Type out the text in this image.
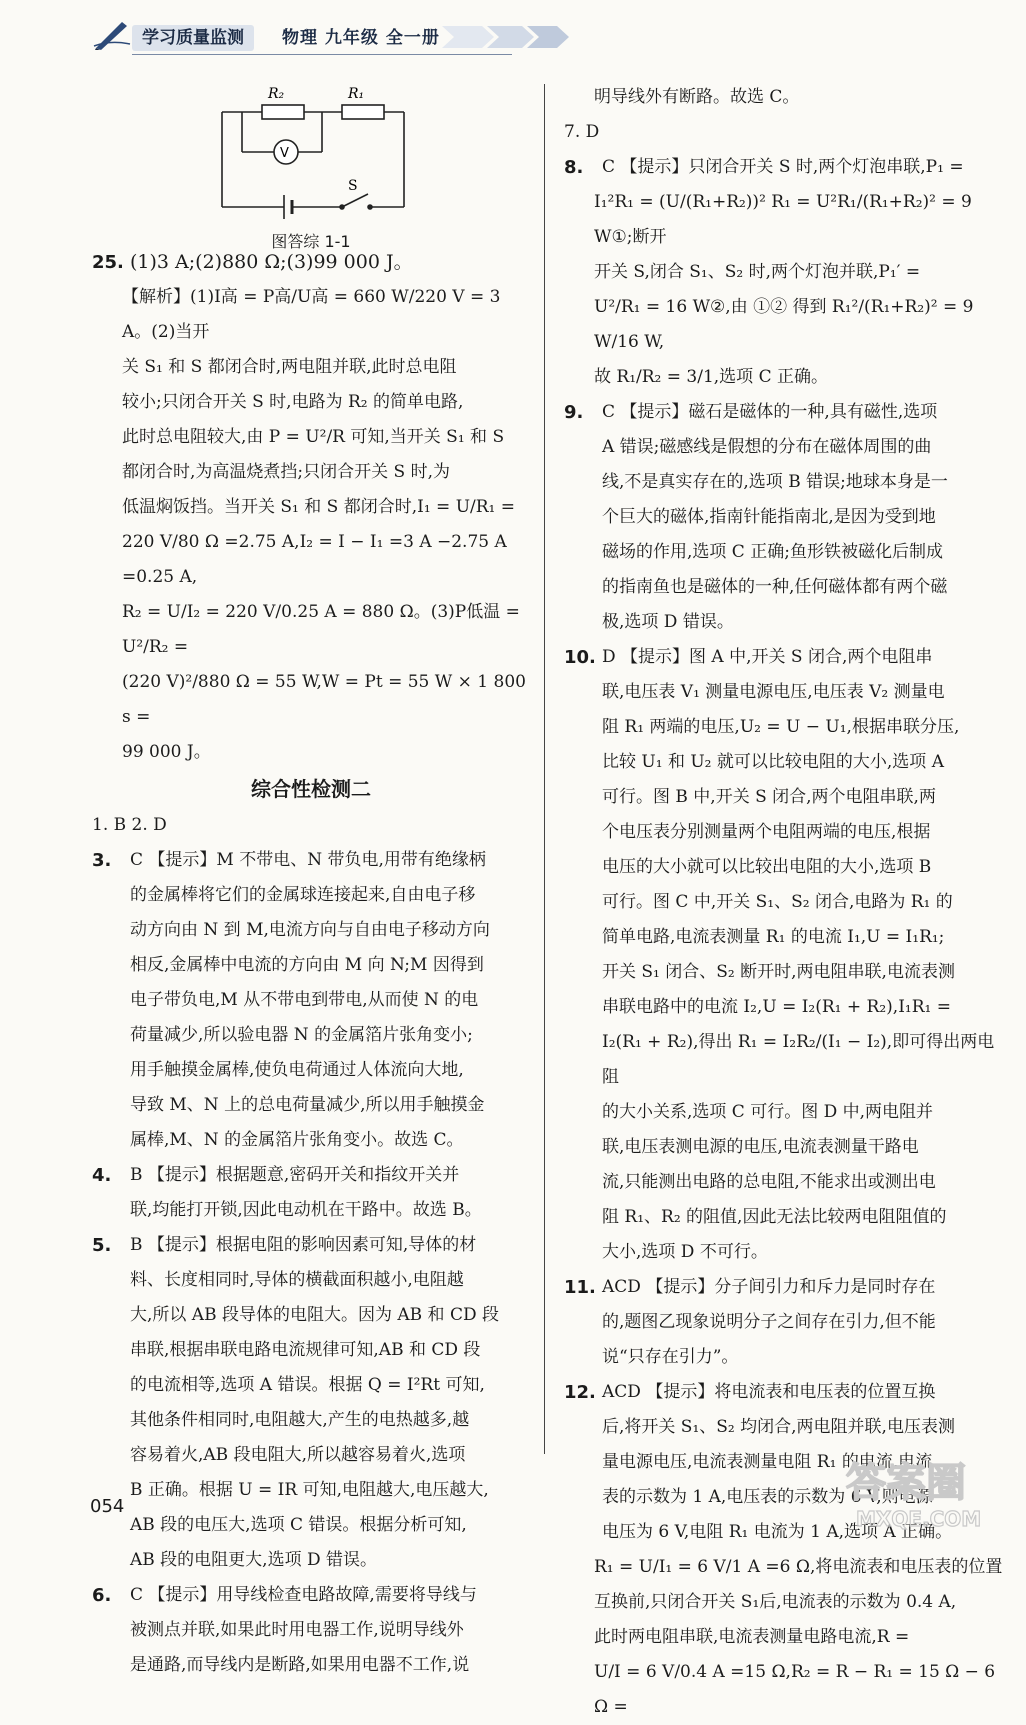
学习质量监测	物理 九年级 全一册
R₂	R₁
V
S
图答综 1-1
25. (1)3 A;(2)880 Ω;(3)99 000 J。

【解析】(1)I高 = P高/U高 = 660 W/220 V = 3 A。(2)当开

关 S₁ 和 S 都闭合时,两电阻并联,此时总电阻

较小;只闭合开关 S 时,电路为 R₂ 的简单电路,

此时总电阻较大,由 P = U²/R 可知,当开关 S₁ 和 S

都闭合时,为高温烧煮挡;只闭合开关 S 时,为

低温焖饭挡。当开关 S₁ 和 S 都闭合时,I₁ = U/R₁ =

220 V/80 Ω =2.75 A,I₂ = I − I₁ =3 A −2.75 A =0.25 A,

R₂ = U/I₂ = 220 V/0.25 A = 880 Ω。(3)P低温 = U²/R₂ =

(220 V)²/880 Ω = 55 W,W = Pt = 55 W × 1 800 s =

99 000 J。

综合性检测二

1. B 2. D

3. C 【提示】M 不带电、N 带负电,用带有绝缘柄

的金属棒将它们的金属球连接起来,自由电子移

动方向由 N 到 M,电流方向与自由电子移动方向

相反,金属棒中电流的方向由 M 向 N;M 因得到

电子带负电,M 从不带电到带电,从而使 N 的电

荷量减少,所以验电器 N 的金属箔片张角变小;

用手触摸金属棒,使负电荷通过人体流向大地,

导致 M、N 上的总电荷量减少,所以用手触摸金

属棒,M、N 的金属箔片张角变小。故选 C。

4. B 【提示】根据题意,密码开关和指纹开关并

联,均能打开锁,因此电动机在干路中。故选 B。

5. B 【提示】根据电阻的影响因素可知,导体的材

料、长度相同时,导体的横截面积越小,电阻越

大,所以 AB 段导体的电阻大。因为 AB 和 CD 段

串联,根据串联电路电流规律可知,AB 和 CD 段

的电流相等,选项 A 错误。根据 Q = I²Rt 可知,

其他条件相同时,电阻越大,产生的电热越多,越

容易着火,AB 段电阻大,所以越容易着火,选项

B 正确。根据 U = IR 可知,电阻越大,电压越大,

AB 段的电压大,选项 C 错误。根据分析可知,

AB 段的电阻更大,选项 D 错误。

6. C 【提示】用导线检查电路故障,需要将导线与

被测点并联,如果此时用电器工作,说明导线外

是通路,而导线内是断路,如果用电器不工作,说

明导线外有断路。故选 C。

7. D

8. C 【提示】只闭合开关 S 时,两个灯泡串联,P₁ =

I₁²R₁ = (U/(R₁+R₂))² R₁ = U²R₁/(R₁+R₂)² = 9 W①;断开

开关 S,闭合 S₁、S₂ 时,两个灯泡并联,P₁′ =

U²/R₁ = 16 W②,由 ①② 得到 R₁²/(R₁+R₂)² = 9 W/16 W,

故 R₁/R₂ = 3/1,选项 C 正确。

9. C 【提示】磁石是磁体的一种,具有磁性,选项

A 错误;磁感线是假想的分布在磁体周围的曲

线,不是真实存在的,选项 B 错误;地球本身是一

个巨大的磁体,指南针能指南北,是因为受到地

磁场的作用,选项 C 正确;鱼形铁被磁化后制成

的指南鱼也是磁体的一种,任何磁体都有两个磁

极,选项 D 错误。

10. D 【提示】图 A 中,开关 S 闭合,两个电阻串

联,电压表 V₁ 测量电源电压,电压表 V₂ 测量电

阻 R₁ 两端的电压,U₂ = U − U₁,根据串联分压,

比较 U₁ 和 U₂ 就可以比较电阻的大小,选项 A

可行。图 B 中,开关 S 闭合,两个电阻串联,两

个电压表分别测量两个电阻两端的电压,根据

电压的大小就可以比较出电阻的大小,选项 B

可行。图 C 中,开关 S₁、S₂ 闭合,电路为 R₁ 的

简单电路,电流表测量 R₁ 的电流 I₁,U = I₁R₁;

开关 S₁ 闭合、S₂ 断开时,两电阻串联,电流表测

串联电路中的电流 I₂,U = I₂(R₁ + R₂),I₁R₁ =

I₂(R₁ + R₂),得出 R₁ = I₂R₂/(I₁ − I₂),即可得出两电阻

的大小关系,选项 C 可行。图 D 中,两电阻并

联,电压表测电源的电压,电流表测量干路电

流,只能测出电路的总电阻,不能求出或测出电

阻 R₁、R₂ 的阻值,因此无法比较两电阻阻值的

大小,选项 D 不可行。

11. ACD 【提示】分子间引力和斥力是同时存在

的,题图乙现象说明分子之间存在引力,但不能

说“只存在引力”。

12. ACD 【提示】将电流表和电压表的位置互换

后,将开关 S₁、S₂ 均闭合,两电阻并联,电压表测

量电源电压,电流表测量电阻 R₁ 的电流,电流

表的示数为 1 A,电压表的示数为 6 V,则电源

电压为 6 V,电阻 R₁ 电流为 1 A,选项 A 正确。

R₁ = U/I₁ = 6 V/1 A =6 Ω,将电流表和电压表的位置

互换前,只闭合开关 S₁后,电流表的示数为 0.4 A,

此时两电阻串联,电流表测量电路电流,R =

U/I = 6 V/0.4 A =15 Ω,R₂ = R − R₁ = 15 Ω − 6 Ω =

054
答案圈
MXQE.COM
